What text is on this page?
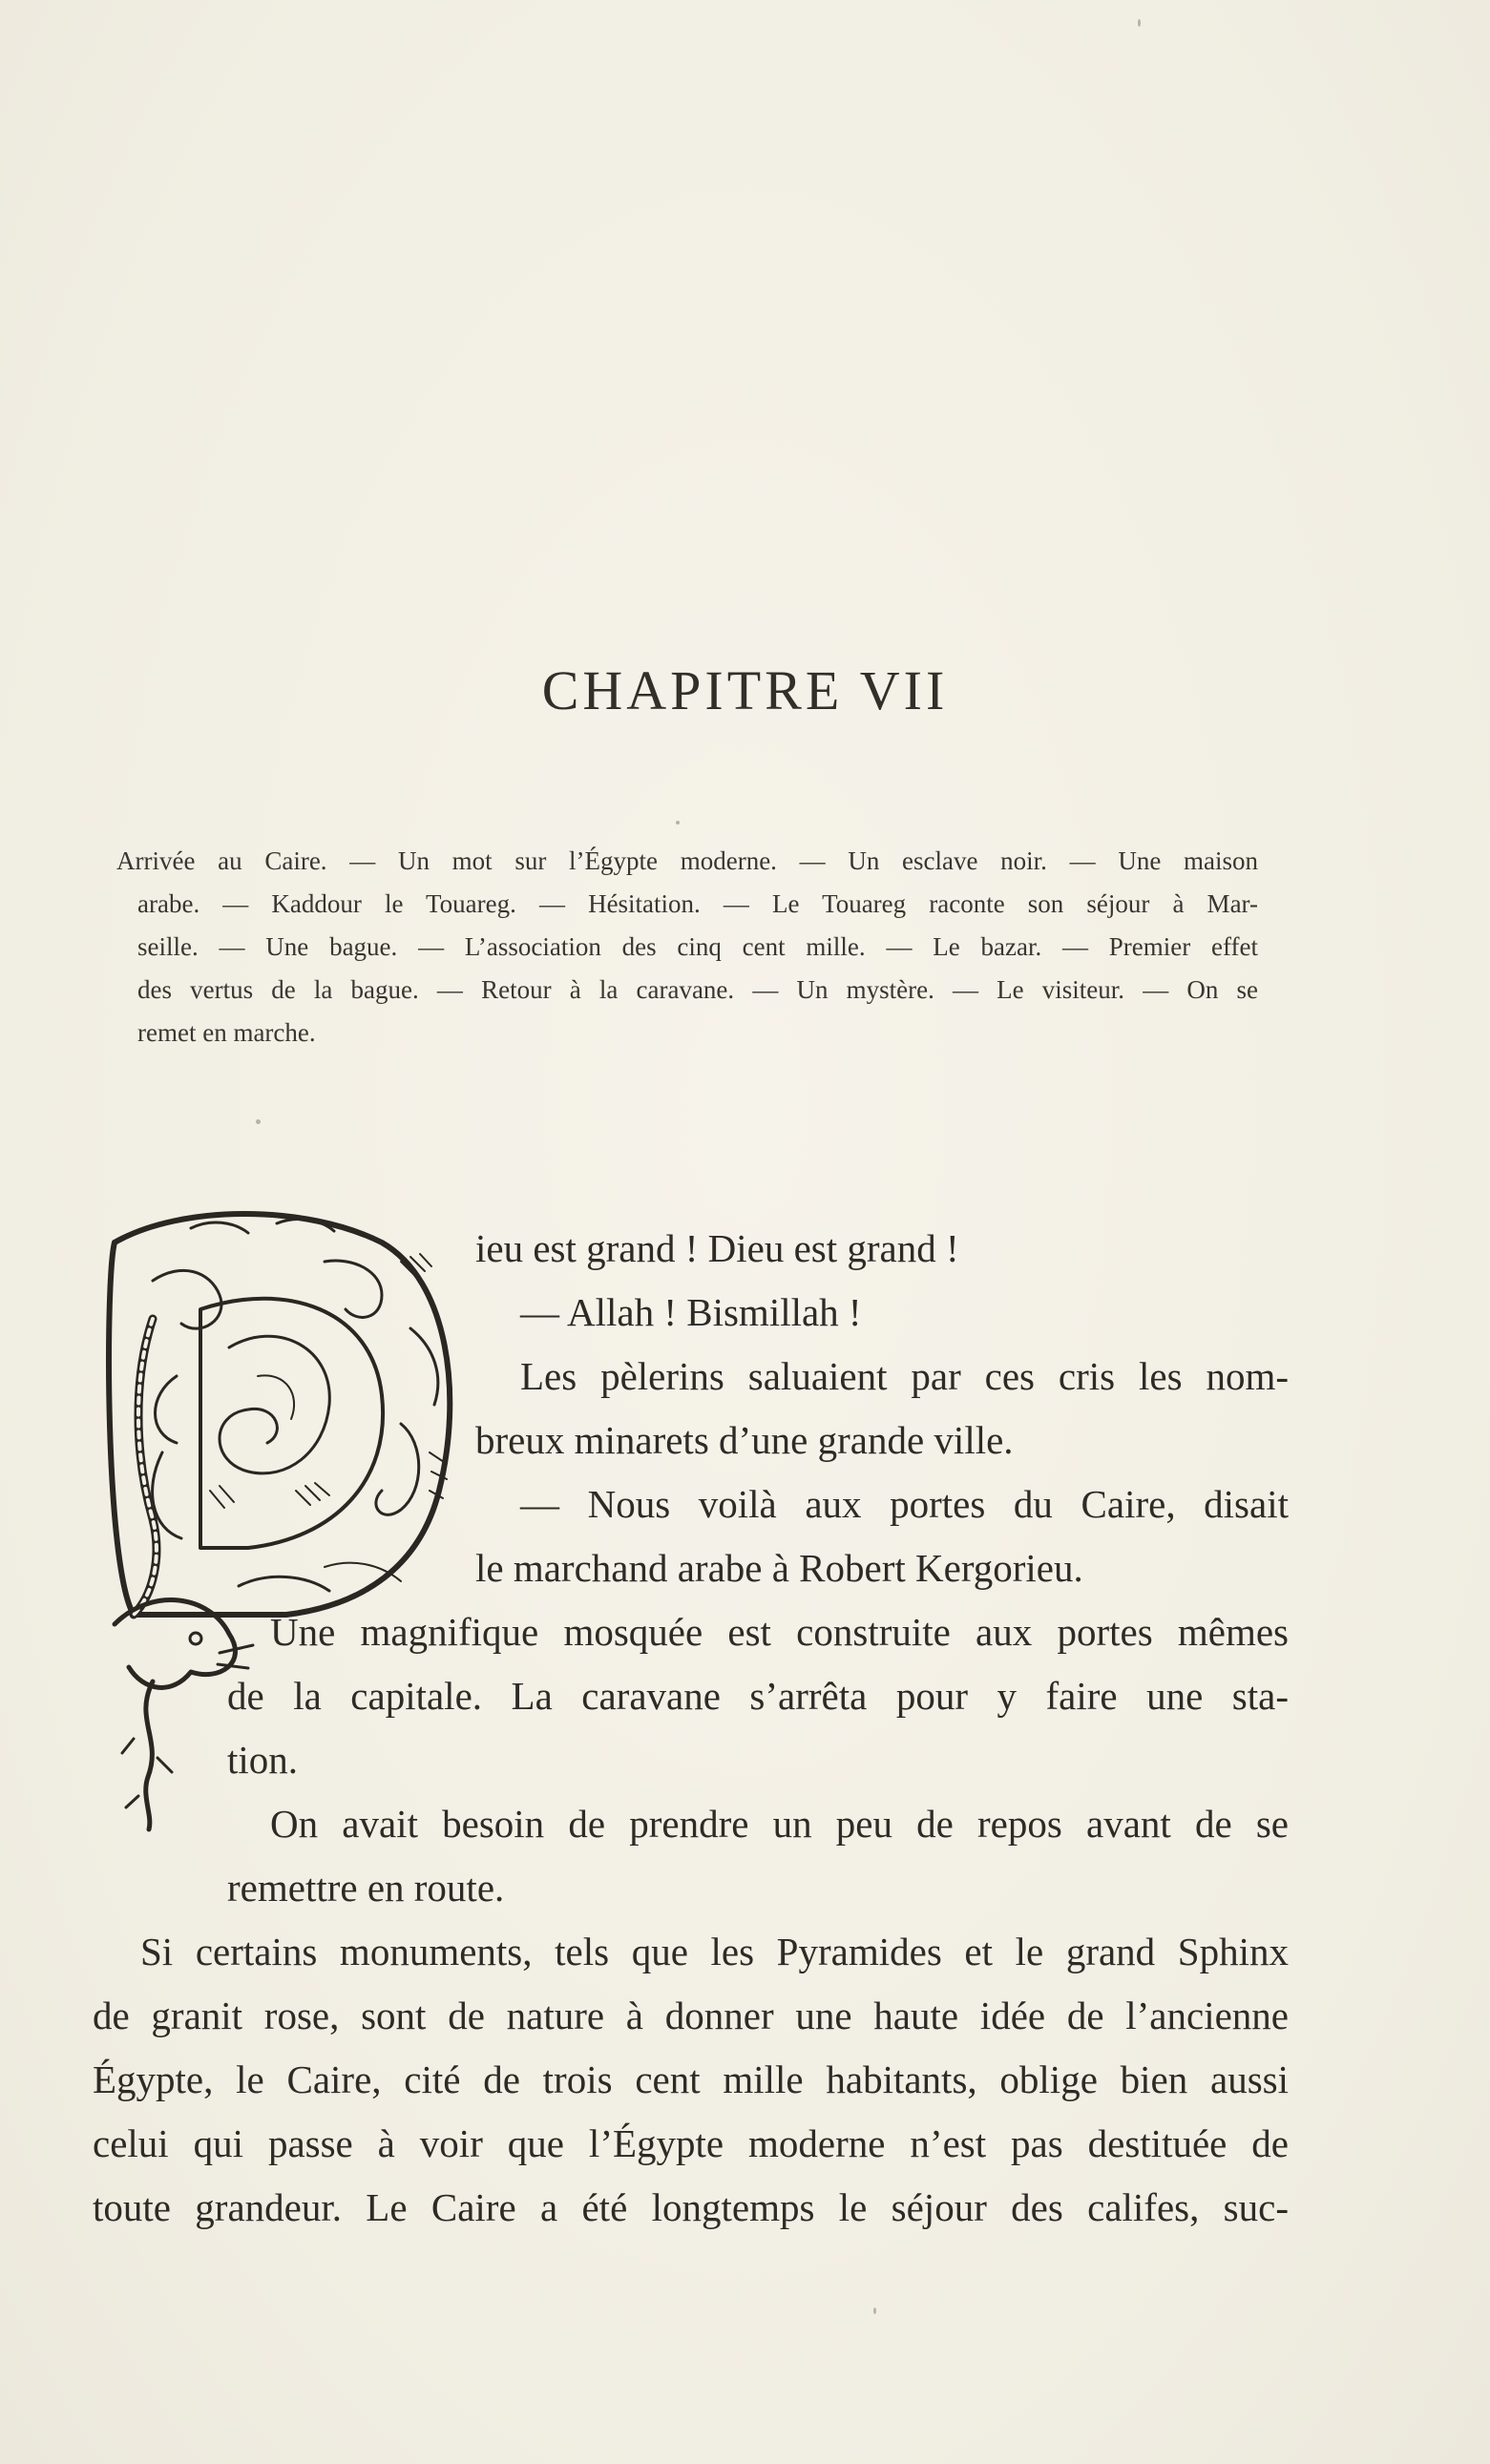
CHAPITRE VII
Arrivée au Caire. — Un mot sur l’Égypte moderne. — Un esclave noir. — Une maison
arabe. — Kaddour le Touareg. — Hésitation. — Le Touareg raconte son séjour à Mar-
seille. — Une bague. — L’association des cinq cent mille. — Le bazar. — Premier effet
des vertus de la bague. — Retour à la caravane. — Un mystère. — Le visiteur. — On se
remet en marche.
ieu est grand ! Dieu est grand !
— Allah ! Bismillah !
Les pèlerins saluaient par ces cris les nom-
breux minarets d’une grande ville.
— Nous voilà aux portes du Caire, disait
le marchand arabe à Robert Kergorieu.
Une magnifique mosquée est construite aux portes mêmes
de la capitale. La caravane s’arrêta pour y faire une sta-
tion.
On avait besoin de prendre un peu de repos avant de se
remettre en route.
Si certains monuments, tels que les Pyramides et le grand Sphinx
de granit rose, sont de nature à donner une haute idée de l’ancienne
Égypte, le Caire, cité de trois cent mille habitants, oblige bien aussi
celui qui passe à voir que l’Égypte moderne n’est pas destituée de
toute grandeur. Le Caire a été longtemps le séjour des califes, suc-
